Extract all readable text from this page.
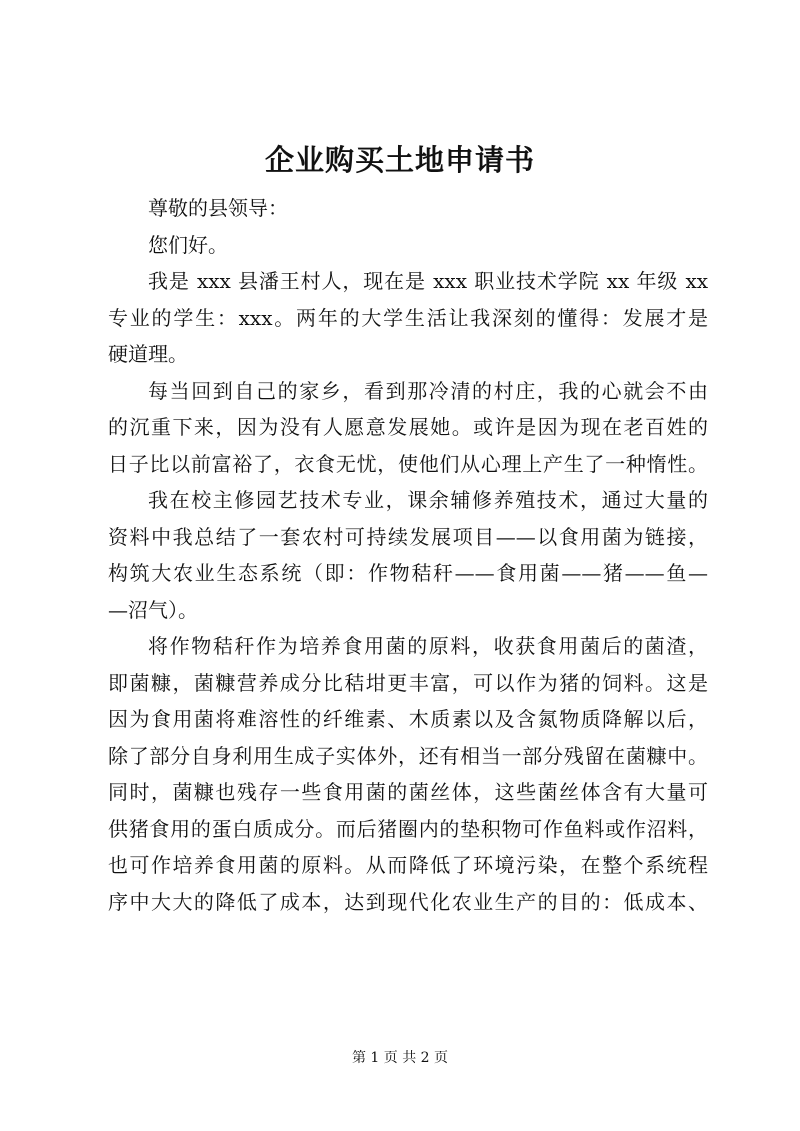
企业购买土地申请书

尊敬的县领导：

您们好。

我是 xxx 县潘王村人，现在是 xxx 职业技术学院 xx 年级 xx
专业的学生：xxx。两年的大学生活让我深刻的懂得：发展才是
硬道理。

每当回到自己的家乡，看到那冷清的村庄，我的心就会不由
的沉重下来，因为没有人愿意发展她。或许是因为现在老百姓的
日子比以前富裕了，衣食无忧，使他们从心理上产生了一种惰性。

我在校主修园艺技术专业，课余辅修养殖技术，通过大量的
资料中我总结了一套农村可持续发展项目——以食用菌为链接，
构筑大农业生态系统（即：作物秸秆——食用菌——猪——鱼—
—沼气）。

将作物秸秆作为培养食用菌的原料，收获食用菌后的菌渣，
即菌糠，菌糠营养成分比秸坩更丰富，可以作为猪的饲料。这是
因为食用菌将难溶性的纤维素、木质素以及含氮物质降解以后，
除了部分自身利用生成子实体外，还有相当一部分残留在菌糠中。
同时，菌糠也残存一些食用菌的菌丝体，这些菌丝体含有大量可
供猪食用的蛋白质成分。而后猪圈内的垫积物可作鱼料或作沼料，
也可作培养食用菌的原料。从而降低了环境污染，在整个系统程
序中大大的降低了成本，达到现代化农业生产的目的：低成本、

第 1 页 共 2 页
